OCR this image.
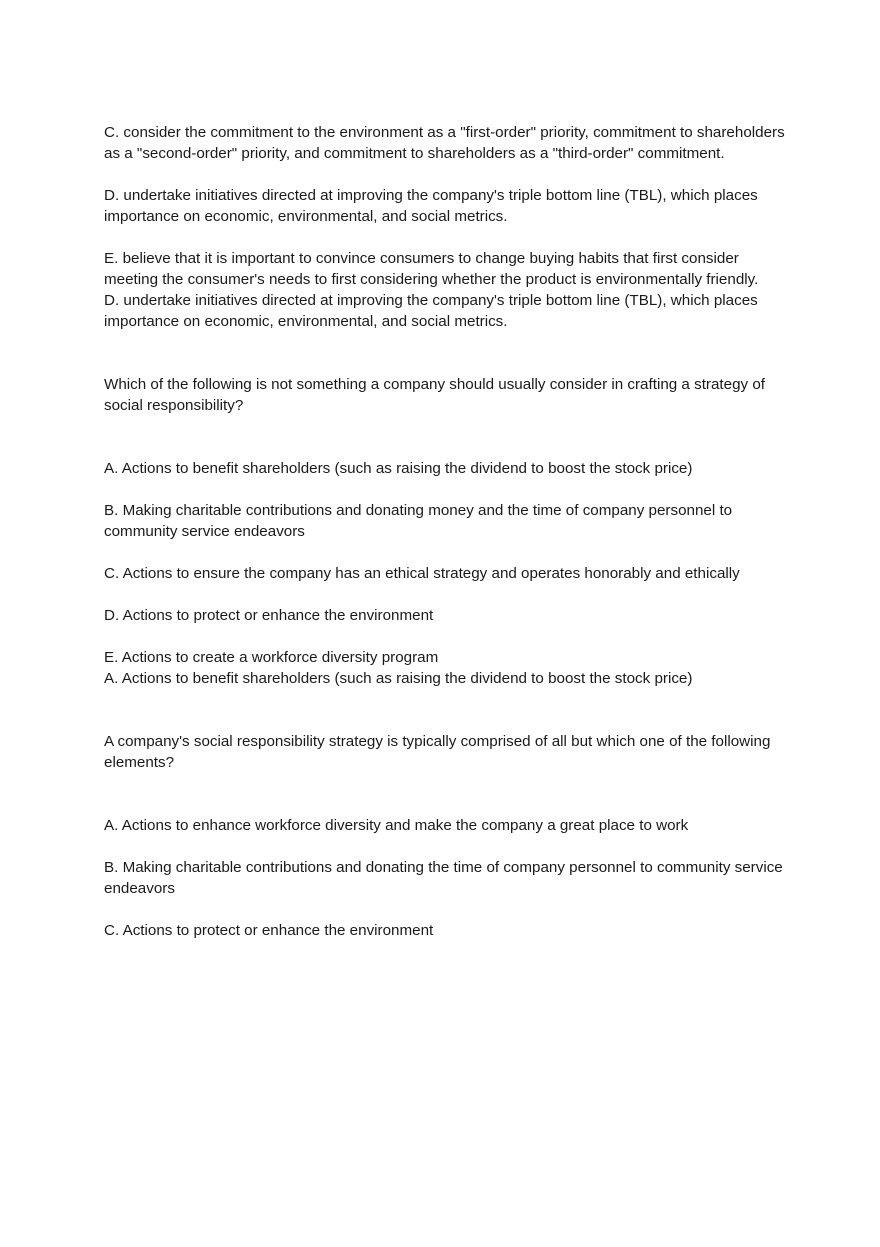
C. consider the commitment to the environment as a "first-order" priority, commitment to shareholders as a "second-order" priority, and commitment to shareholders as a "third-order" commitment.

D. undertake initiatives directed at improving the company's triple bottom line (TBL), which places importance on economic, environmental, and social metrics.

E. believe that it is important to convince consumers to change buying habits that first consider meeting the consumer's needs to first considering whether the product is environmentally friendly.

D. undertake initiatives directed at improving the company's triple bottom line (TBL), which places importance on economic, environmental, and social metrics.

Which of the following is not something a company should usually consider in crafting a strategy of social responsibility?

A. Actions to benefit shareholders (such as raising the dividend to boost the stock price)

B. Making charitable contributions and donating money and the time of company personnel to community service endeavors

C. Actions to ensure the company has an ethical strategy and operates honorably and ethically

D. Actions to protect or enhance the environment

E. Actions to create a workforce diversity program

A. Actions to benefit shareholders (such as raising the dividend to boost the stock price)

A company's social responsibility strategy is typically comprised of all but which one of the following elements?

A. Actions to enhance workforce diversity and make the company a great place to work

B. Making charitable contributions and donating the time of company personnel to community service endeavors

C. Actions to protect or enhance the environment
